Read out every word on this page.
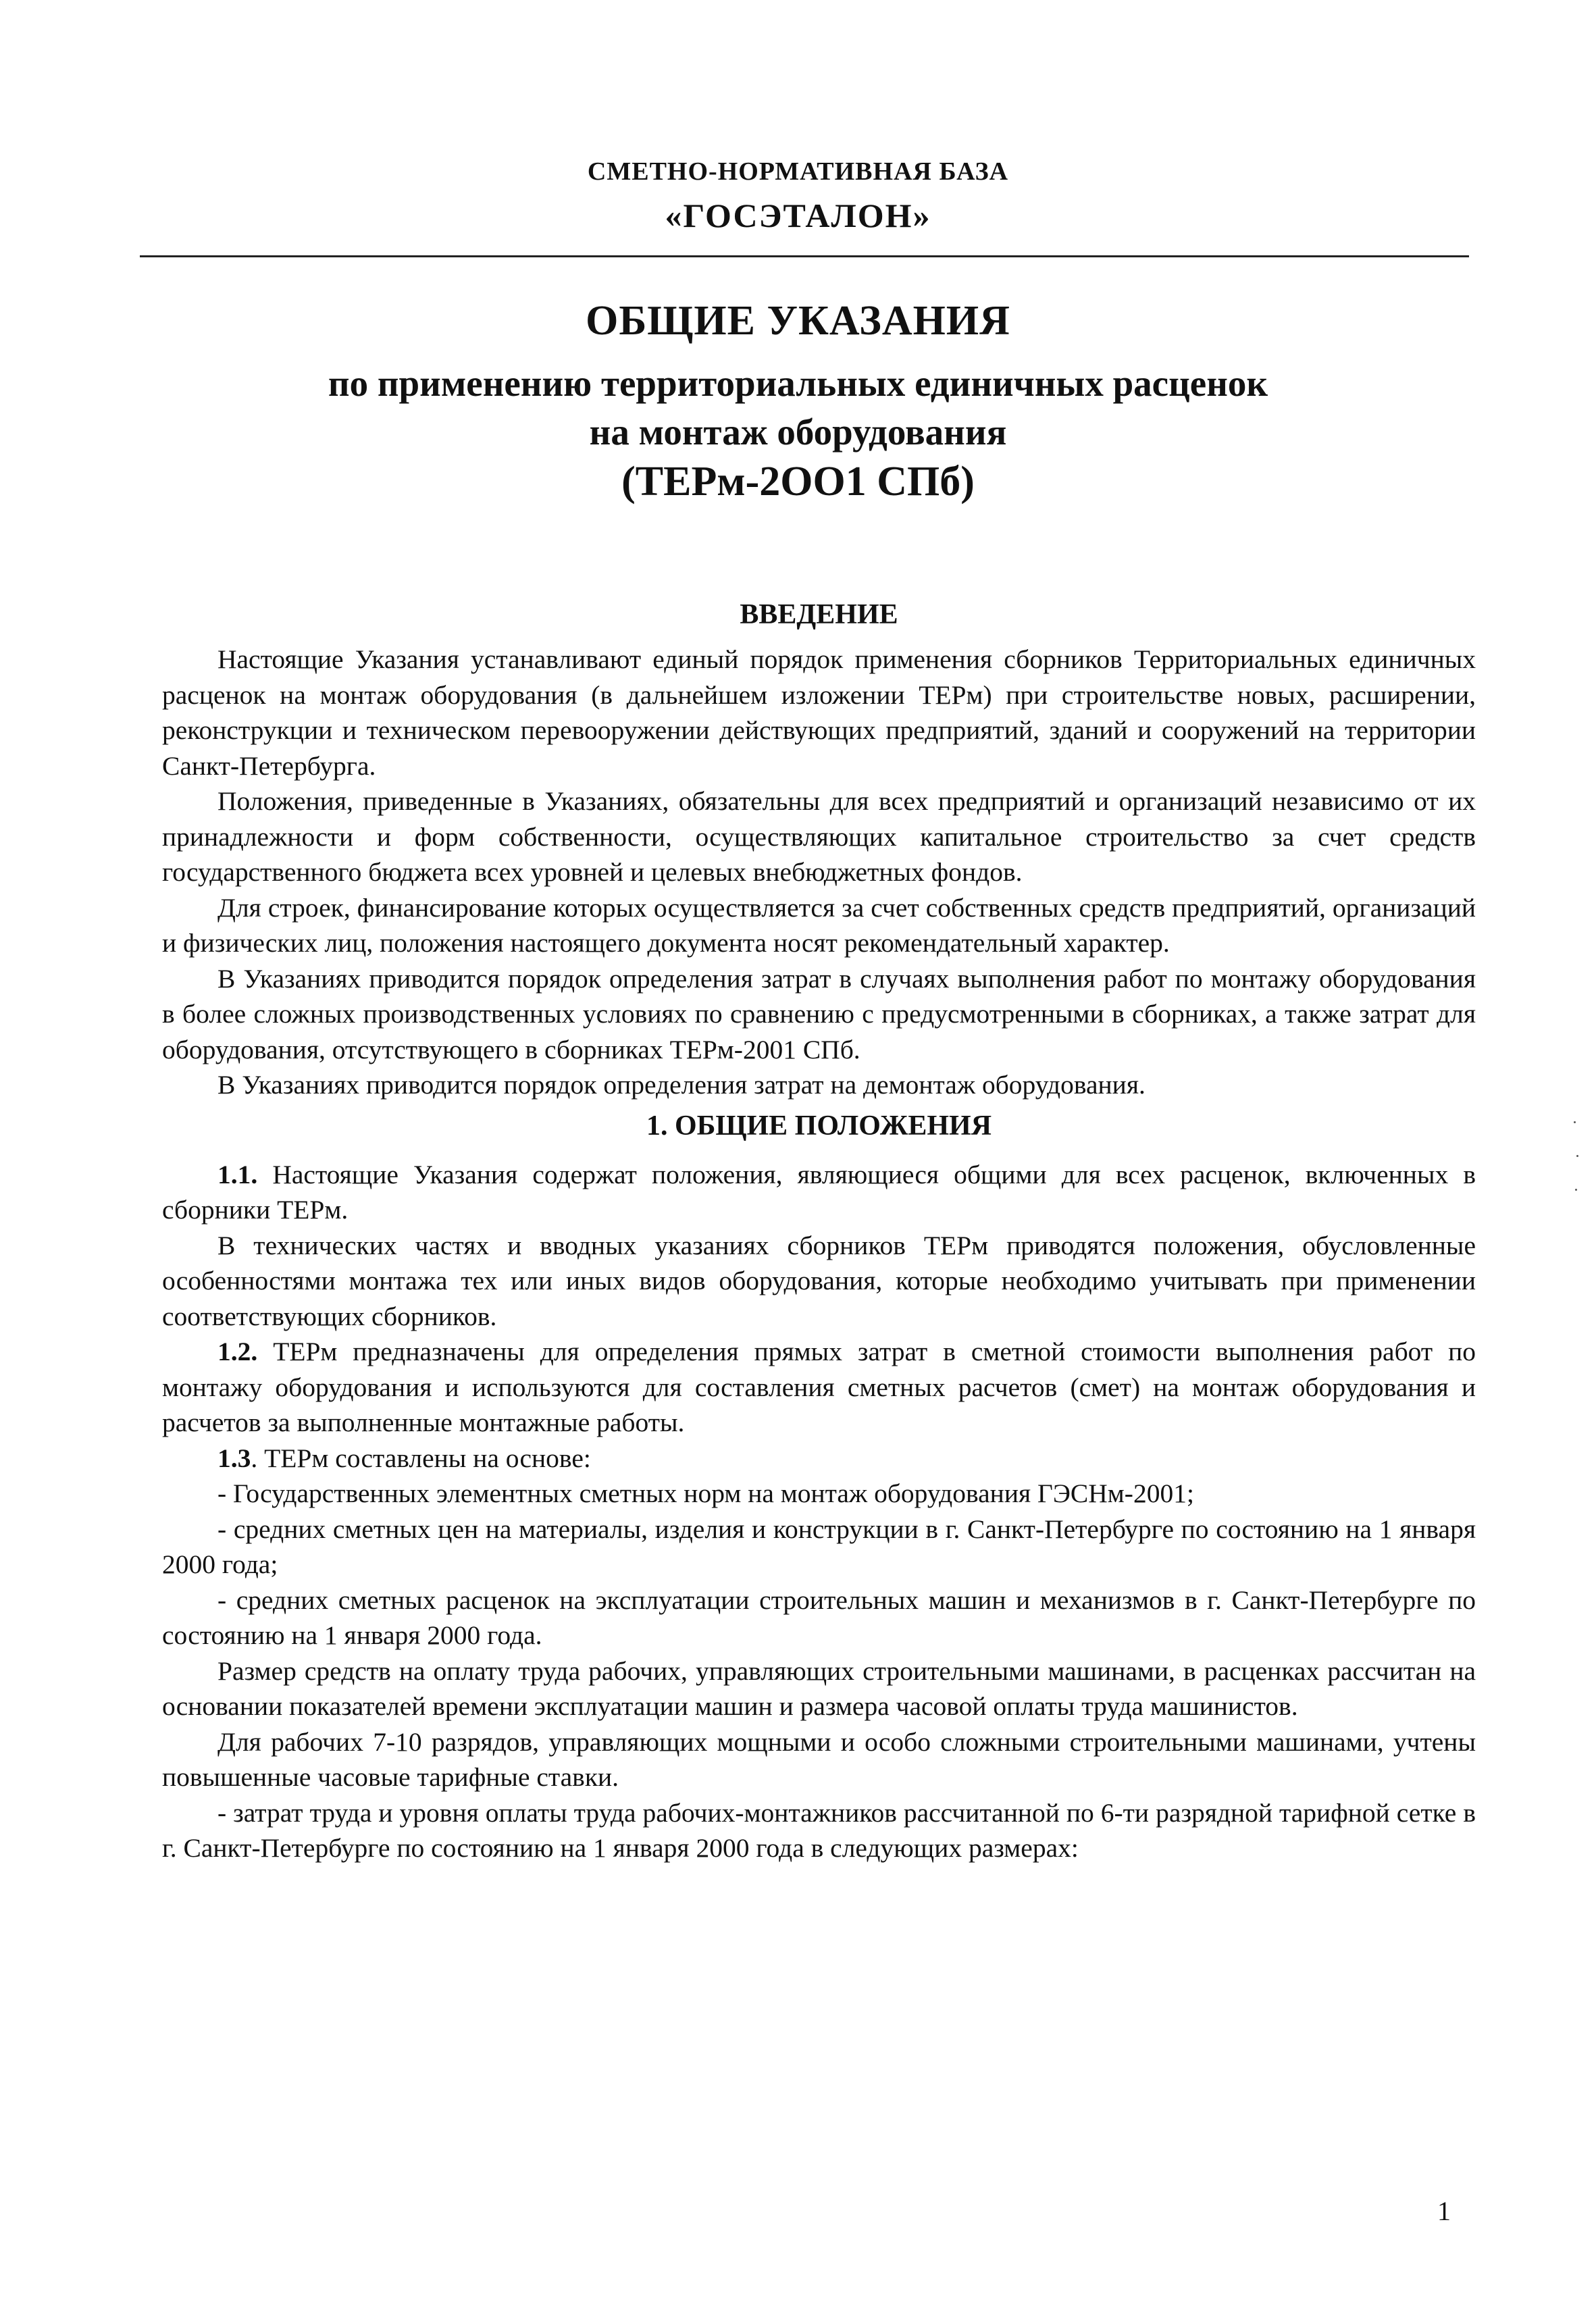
СМЕТНО-НОРМАТИВНАЯ БАЗА
«ГОСЭТАЛОН»
ОБЩИЕ УКАЗАНИЯ
по применению территориальных единичных расценок
на монтаж оборудования
(ТЕРм-2OO1 СПб)
ВВЕДЕНИЕ

Настоящие Указания устанавливают единый порядок применения сборников Территориальных единичных расценок на монтаж оборудования (в дальнейшем изложении ТЕРм) при строительстве новых, расширении, реконструкции и техническом перевооружении действующих предприятий, зданий и сооружений на территории Санкт-Петербурга.

Положения, приведенные в Указаниях, обязательны для всех предприятий и организаций независимо от их принадлежности и форм собственности, осуществляющих капитальное строительство за счет средств государственного бюджета всех уровней и целевых внебюджетных фондов.

Для строек, финансирование которых осуществляется за счет собственных средств предприятий, организаций и физических лиц, положения настоящего документа носят рекомендательный характер.

В Указаниях приводится порядок определения затрат в случаях выполнения работ по монтажу оборудования в более сложных производственных условиях по сравнению с предусмотренными в сборниках, а также затрат для оборудования, отсутствующего в сборниках ТЕРм-2001 СПб.

В Указаниях приводится порядок определения затрат на демонтаж оборудования.

1. ОБЩИЕ ПОЛОЖЕНИЯ

1.1. Настоящие Указания содержат положения, являющиеся общими для всех расценок, включенных в сборники ТЕРм.

В технических частях и вводных указаниях сборников ТЕРм приводятся положения, обусловленные особенностями монтажа тех или иных видов оборудования, которые необходимо учитывать при применении соответствующих сборников.

1.2. ТЕРм предназначены для определения прямых затрат в сметной стоимости выполнения работ по монтажу оборудования и используются для составления сметных расчетов (смет) на монтаж оборудования и расчетов за выполненные монтажные работы.

1.3. ТЕРм составлены на основе:

- Государственных элементных сметных норм на монтаж оборудования ГЭСНм-2001;

- средних сметных цен на материалы, изделия и конструкции в г. Санкт-Петербурге по состоянию на 1 января 2000 года;

- средних сметных расценок на эксплуатации строительных машин и механизмов в г. Санкт-Петербурге по состоянию на 1 января 2000 года.

Размер средств на оплату труда рабочих, управляющих строительными машинами, в расценках рассчитан на основании показателей времени эксплуатации машин и размера часовой оплаты труда машинистов.

Для рабочих 7-10 разрядов, управляющих мощными и особо сложными строительными машинами, учтены повышенные часовые тарифные ставки.

- затрат труда и уровня оплаты труда рабочих-монтажников рассчитанной по 6-ти разрядной тарифной сетке в г. Санкт-Петербурге по состоянию на 1 января 2000 года в следующих размерах:

1
